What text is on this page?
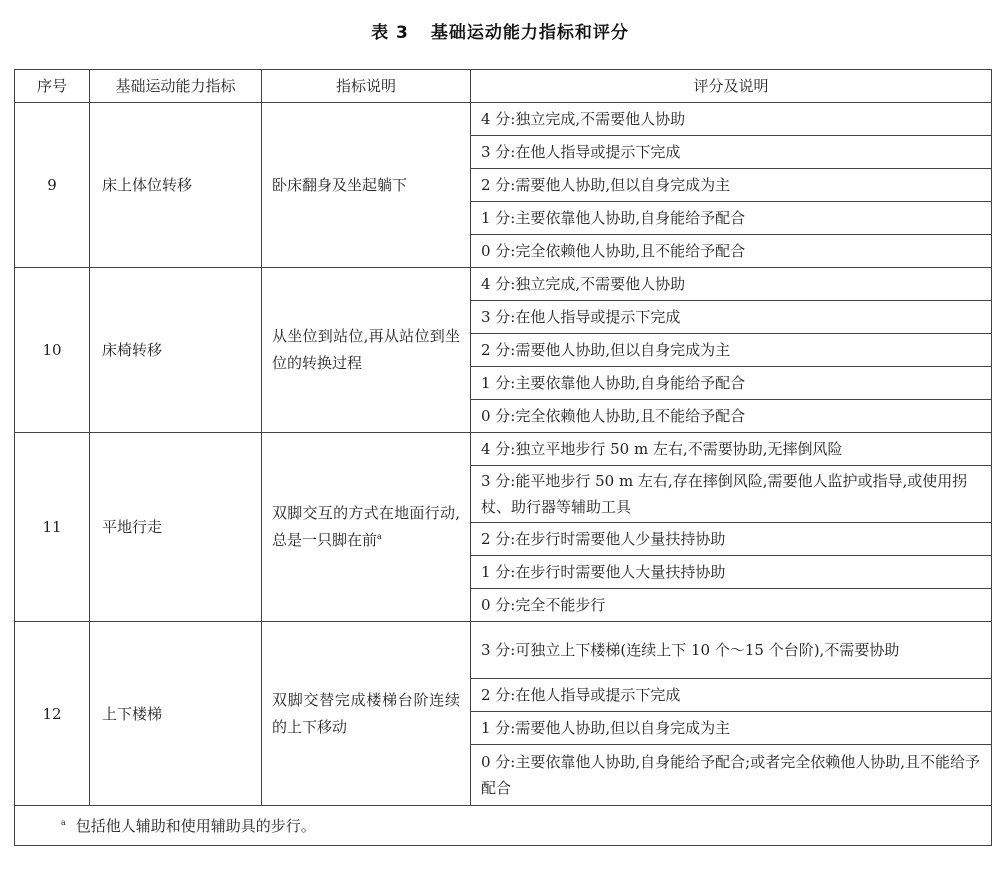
表 3 基础运动能力指标和评分
序号	基础运动能力指标	指标说明	评分及说明
9	床上体位转移	卧床翻身及坐起躺下	4 分:独立完成,不需要他人协助
			3 分:在他人指导或提示下完成
			2 分:需要他人协助,但以自身完成为主
			1 分:主要依靠他人协助,自身能给予配合
			0 分:完全依赖他人协助,且不能给予配合
10	床椅转移	从坐位到站位,再从站位到坐位的转换过程	4 分:独立完成,不需要他人协助
			3 分:在他人指导或提示下完成
			2 分:需要他人协助,但以自身完成为主
			1 分:主要依靠他人协助,自身能给予配合
			0 分:完全依赖他人协助,且不能给予配合
11	平地行走	双脚交互的方式在地面行动,总是一只脚在前$^a$	4 分:独立平地步行 50 m 左右,不需要协助,无摔倒风险
			3 分:能平地步行 50 m 左右,存在摔倒风险,需要他人监护或指导,或使用拐杖、助行器等辅助工具
			2 分:在步行时需要他人少量扶持协助
			1 分:在步行时需要他人大量扶持协助
			0 分:完全不能步行
12	上下楼梯	双脚交替完成楼梯台阶连续的上下移动	3 分:可独立上下楼梯(连续上下 10 个～15 个台阶),不需要协助
			2 分:在他人指导或提示下完成
			1 分:需要他人协助,但以自身完成为主
			0 分:主要依靠他人协助,自身能给予配合;或者完全依赖他人协助,且不能给予配合
$^a$ 包括他人辅助和使用辅助具的步行。			
